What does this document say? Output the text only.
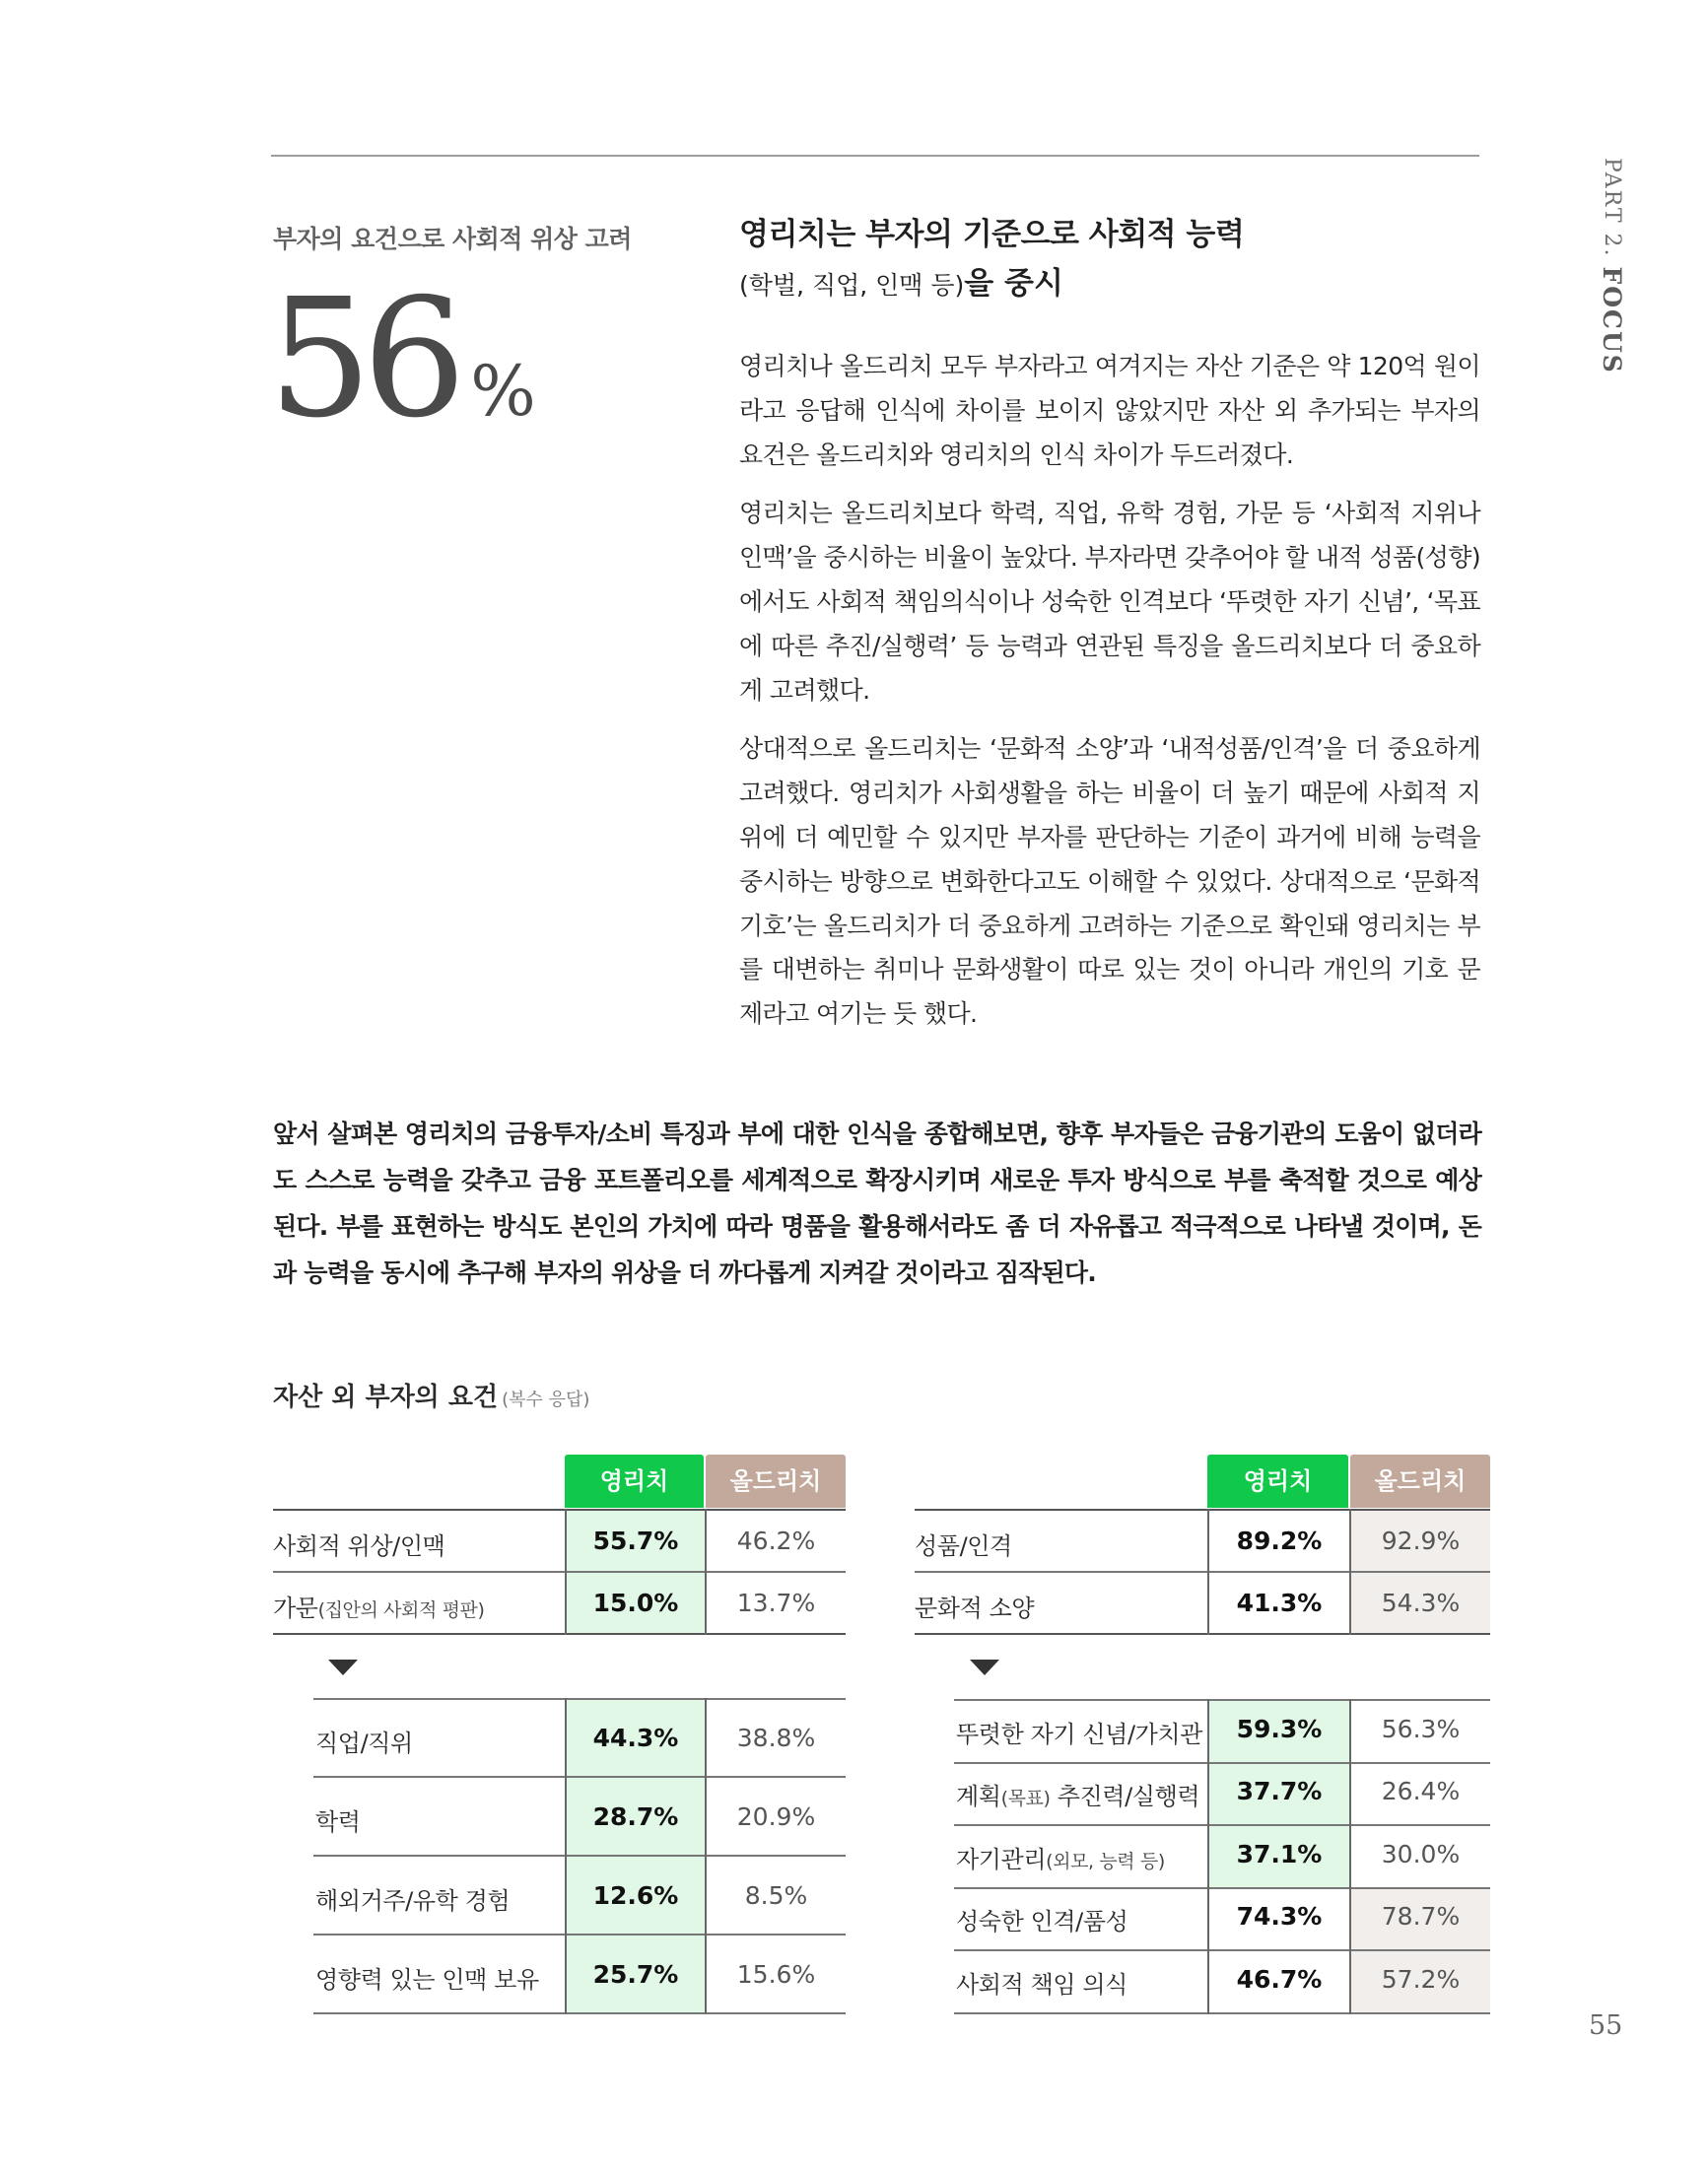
PART 2. FOCUS
부자의 요건으로 사회적 위상 고려
56 %
영리치는 부자의 기준으로 사회적 능력
(학벌, 직업, 인맥 등)을 중시

영리치나 올드리치 모두 부자라고 여겨지는 자산 기준은 약 120억 원이라고 응답해 인식에 차이를 보이지 않았지만 자산 외 추가되는 부자의 요건은 올드리치와 영리치의 인식 차이가 두드러졌다.

영리치는 올드리치보다 학력, 직업, 유학 경험, 가문 등 ‘사회적 지위나 인맥’을 중시하는 비율이 높았다. 부자라면 갖추어야 할 내적 성품(성향)에서도 사회적 책임의식이나 성숙한 인격보다 ‘뚜렷한 자기 신념’, ‘목표에 따른 추진/실행력’ 등 능력과 연관된 특징을 올드리치보다 더 중요하게 고려했다.

상대적으로 올드리치는 ‘문화적 소양’과 ‘내적성품/인격’을 더 중요하게 고려했다. 영리치가 사회생활을 하는 비율이 더 높기 때문에 사회적 지위에 더 예민할 수 있지만 부자를 판단하는 기준이 과거에 비해 능력을 중시하는 방향으로 변화한다고도 이해할 수 있었다. 상대적으로 ‘문화적 기호’는 올드리치가 더 중요하게 고려하는 기준으로 확인돼 영리치는 부를 대변하는 취미나 문화생활이 따로 있는 것이 아니라 개인의 기호 문제라고 여기는 듯 했다.

앞서 살펴본 영리치의 금융투자/소비 특징과 부에 대한 인식을 종합해보면, 향후 부자들은 금융기관의 도움이 없더라도 스스로 능력을 갖추고 금융 포트폴리오를 세계적으로 확장시키며 새로운 투자 방식으로 부를 축적할 것으로 예상된다. 부를 표현하는 방식도 본인의 가치에 따라 명품을 활용해서라도 좀 더 자유롭고 적극적으로 나타낼 것이며, 돈과 능력을 동시에 추구해 부자의 위상을 더 까다롭게 지켜갈 것이라고 짐작된다.
자산 외 부자의 요건 (복수 응답)
영리치	올드리치
사회적 위상/인맥	55.7%	46.2%
가문(집안의 사회적 평판)	15.0%	13.7%
직업/직위	44.3%	38.8%
학력	28.7%	20.9%
해외거주/유학 경험	12.6%	8.5%
영향력 있는 인맥 보유	25.7%	15.6%
영리치	올드리치
성품/인격	89.2%	92.9%
문화적 소양	41.3%	54.3%
뚜렷한 자기 신념/가치관	59.3%	56.3%
계획(목표) 추진력/실행력	37.7%	26.4%
자기관리(외모, 능력 등)	37.1%	30.0%
성숙한 인격/품성	74.3%	78.7%
사회적 책임 의식	46.7%	57.2%
55
